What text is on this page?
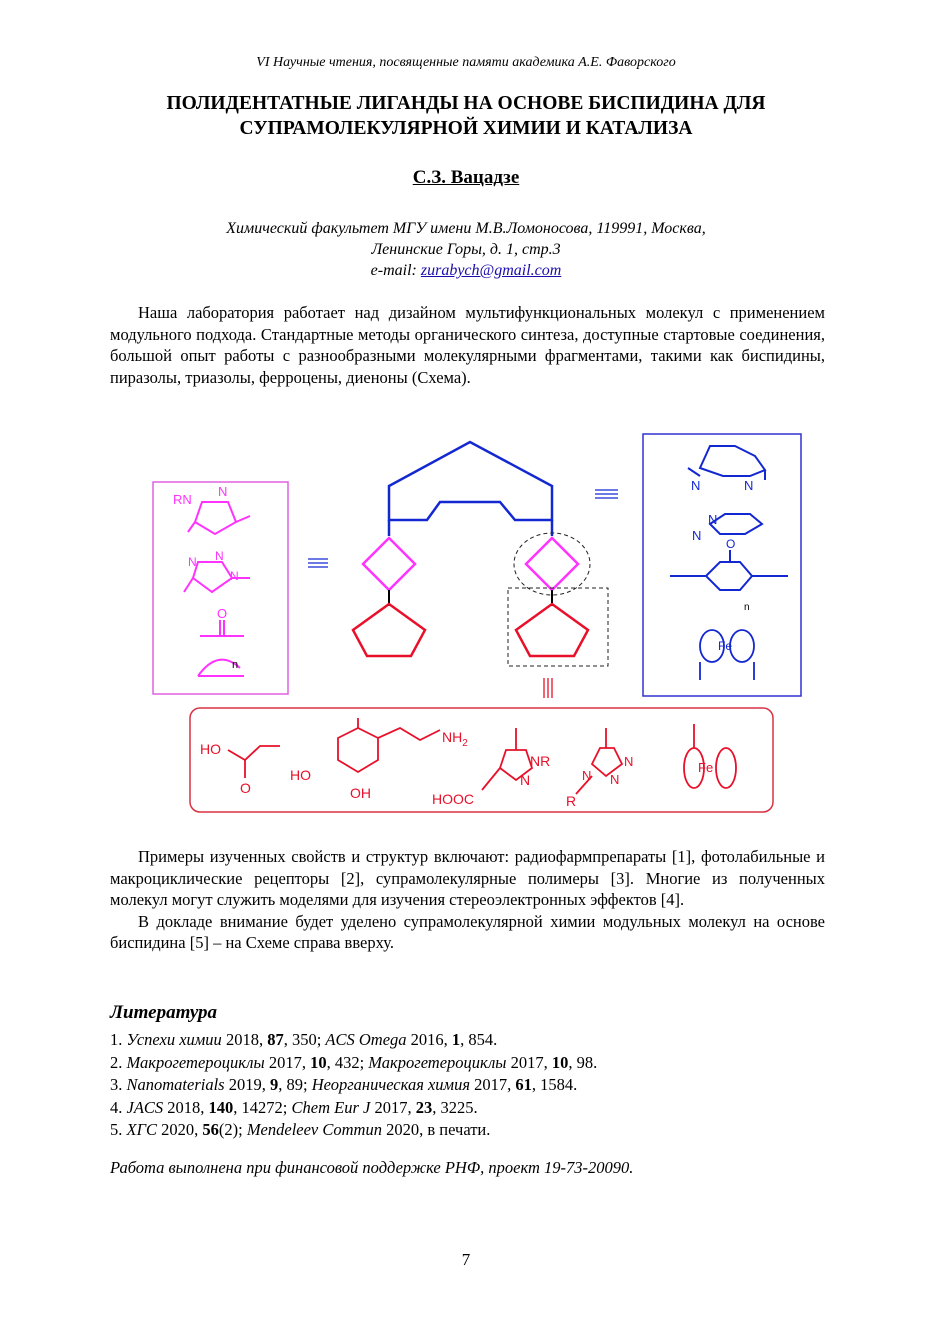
VI Научные чтения, посвященные памяти академика А.Е. Фаворского
ПОЛИДЕНТАТНЫЕ ЛИГАНДЫ НА ОСНОВЕ БИСПИДИНА ДЛЯ
СУПРАМОЛЕКУЛЯРНОЙ ХИМИИ И КАТАЛИЗА
С.З. Вацадзе
Химический факультет МГУ имени М.В.Ломоносова, 119991, Москва,
Ленинские Горы, д. 1, стр.3
e-mail: zurabych@gmail.com

Наша лаборатория работает над дизайном мультифункциональных молекул с применением модульного подхода. Стандартные методы органического синтеза, доступные стартовые соединения, большой опыт работы с разнообразными молекулярными фрагментами, такими как биспидины, пиразолы, триазолы, ферроцены, диеноны (Схема).

RN
N
N N
N
O
n
N	N
N
N
O
n
Fe
HO
O
HO
OH
$NH_2$
NR
N
HOOC
N
N
N
R
Fe

Примеры изученных свойств и структур включают: радиофармпрепараты [1], фотолабильные и макроциклические рецепторы [2], супрамолекулярные полимеры [3]. Многие из полученных молекул могут служить моделями для изучения стереоэлектронных эффектов [4].

В докладе внимание будет уделено супрамолекулярной химии модульных молекул на основе биспидина [5] – на Схеме справа вверху.

Литература
1. Успехи химии 2018, 87, 350; ACS Omega 2016, 1, 854.
2. Макрогетероциклы 2017, 10, 432; Макрогетероциклы 2017, 10, 98.
3. Nanomaterials 2019, 9, 89; Неорганическая химия 2017, 61, 1584.
4. JACS 2018, 140, 14272; Chem Eur J 2017, 23, 3225.
5. ХГС 2020, 56(2); Mendeleev Commun 2020, в печати.
Работа выполнена при финансовой поддержке РНФ, проект 19-73-20090.
7
